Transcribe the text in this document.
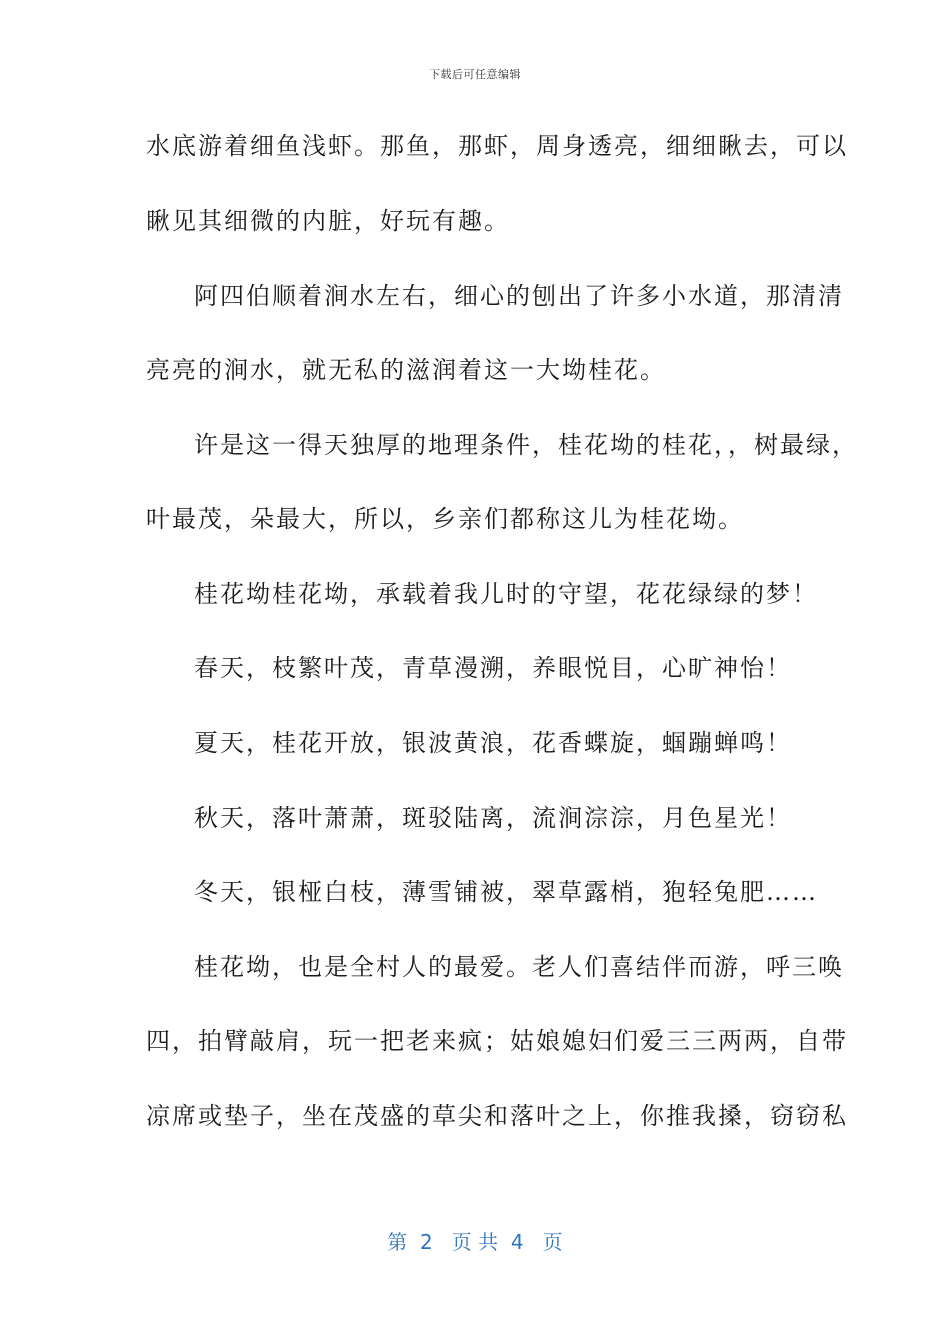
下载后可任意编辑
水底游着细鱼浅虾。那鱼，那虾，周身透亮，细细瞅去，可以
瞅见其细微的内脏，好玩有趣。
阿四伯顺着涧水左右，细心的刨出了许多小水道，那清清
亮亮的涧水，就无私的滋润着这一大坳桂花。
许是这一得天独厚的地理条件，桂花坳的桂花，，树最绿，
叶最茂，朵最大，所以，乡亲们都称这儿为桂花坳。
桂花坳桂花坳，承载着我儿时的守望，花花绿绿的梦！
春天，枝繁叶茂，青草漫溯，养眼悦目，心旷神怡！
夏天，桂花开放，银波黄浪，花香蝶旋，蝈蹦蝉鸣！
秋天，落叶萧萧，斑驳陆离，流涧淙淙，月色星光！
冬天，银桠白枝，薄雪铺被，翠草露梢，狍轻兔肥……
桂花坳，也是全村人的最爱。老人们喜结伴而游，呼三唤
四，拍臂敲肩，玩一把老来疯；姑娘媳妇们爱三三两两，自带
凉席或垫子，坐在茂盛的草尖和落叶之上，你推我搡，窃窃私
第  2   页 共  4   页
